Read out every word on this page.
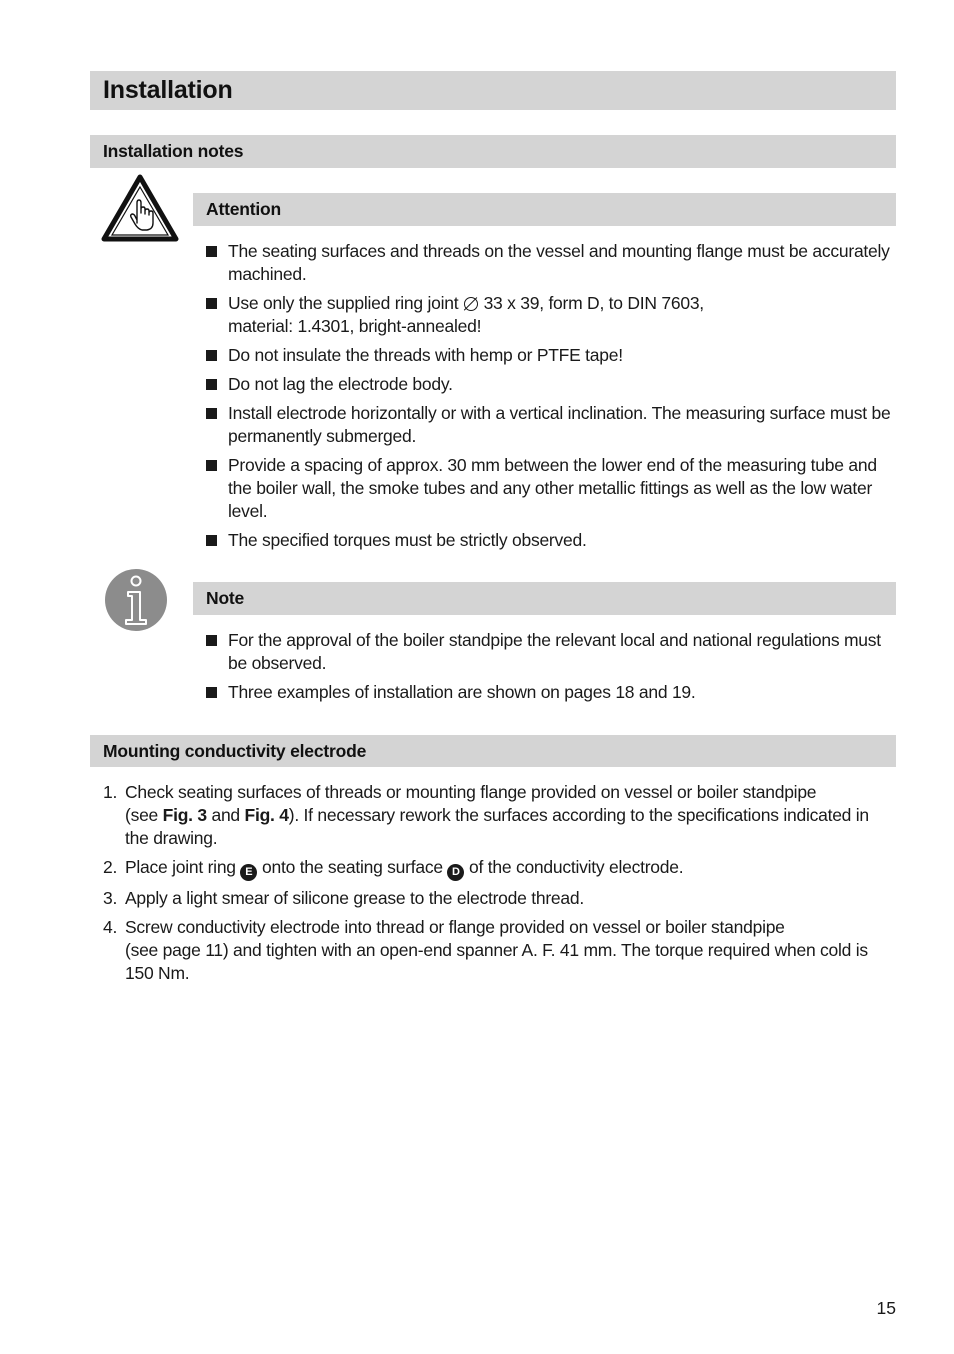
Installation
Installation notes
Attention
The seating surfaces and threads on the vessel and mounting flange must be accurately machined.
Use only the supplied ring joint  33 x 39, form D, to DIN 7603,
material: 1.4301, bright-annealed!
Do not insulate the threads with hemp or PTFE tape!
Do not lag the electrode body.
Install electrode horizontally or with a vertical inclination. The measuring surface must be permanently submerged.
Provide a spacing of approx. 30 mm between the lower end of the measuring tube and the boiler wall, the smoke tubes and any other metallic fittings as well as the low water level.
The specified torques must be strictly observed.
Note
For the approval of the boiler standpipe the relevant local and national regulations must be observed.
Three examples of installation are shown on pages 18 and 19.
Mounting conductivity electrode
1. Check seating surfaces of threads or mounting flange provided on vessel or boiler standpipe
(see Fig. 3 and Fig. 4). If necessary rework the surfaces according to the specifications indicated in the drawing.
2. Place joint ring E onto the seating surface D of the conductivity electrode.
3. Apply a light smear of silicone grease to the electrode thread.
4. Screw conductivity electrode into thread or flange provided on vessel or boiler standpipe
(see page 11) and tighten with an open-end spanner A. F. 41 mm. The torque required when cold is 150 Nm.
15
